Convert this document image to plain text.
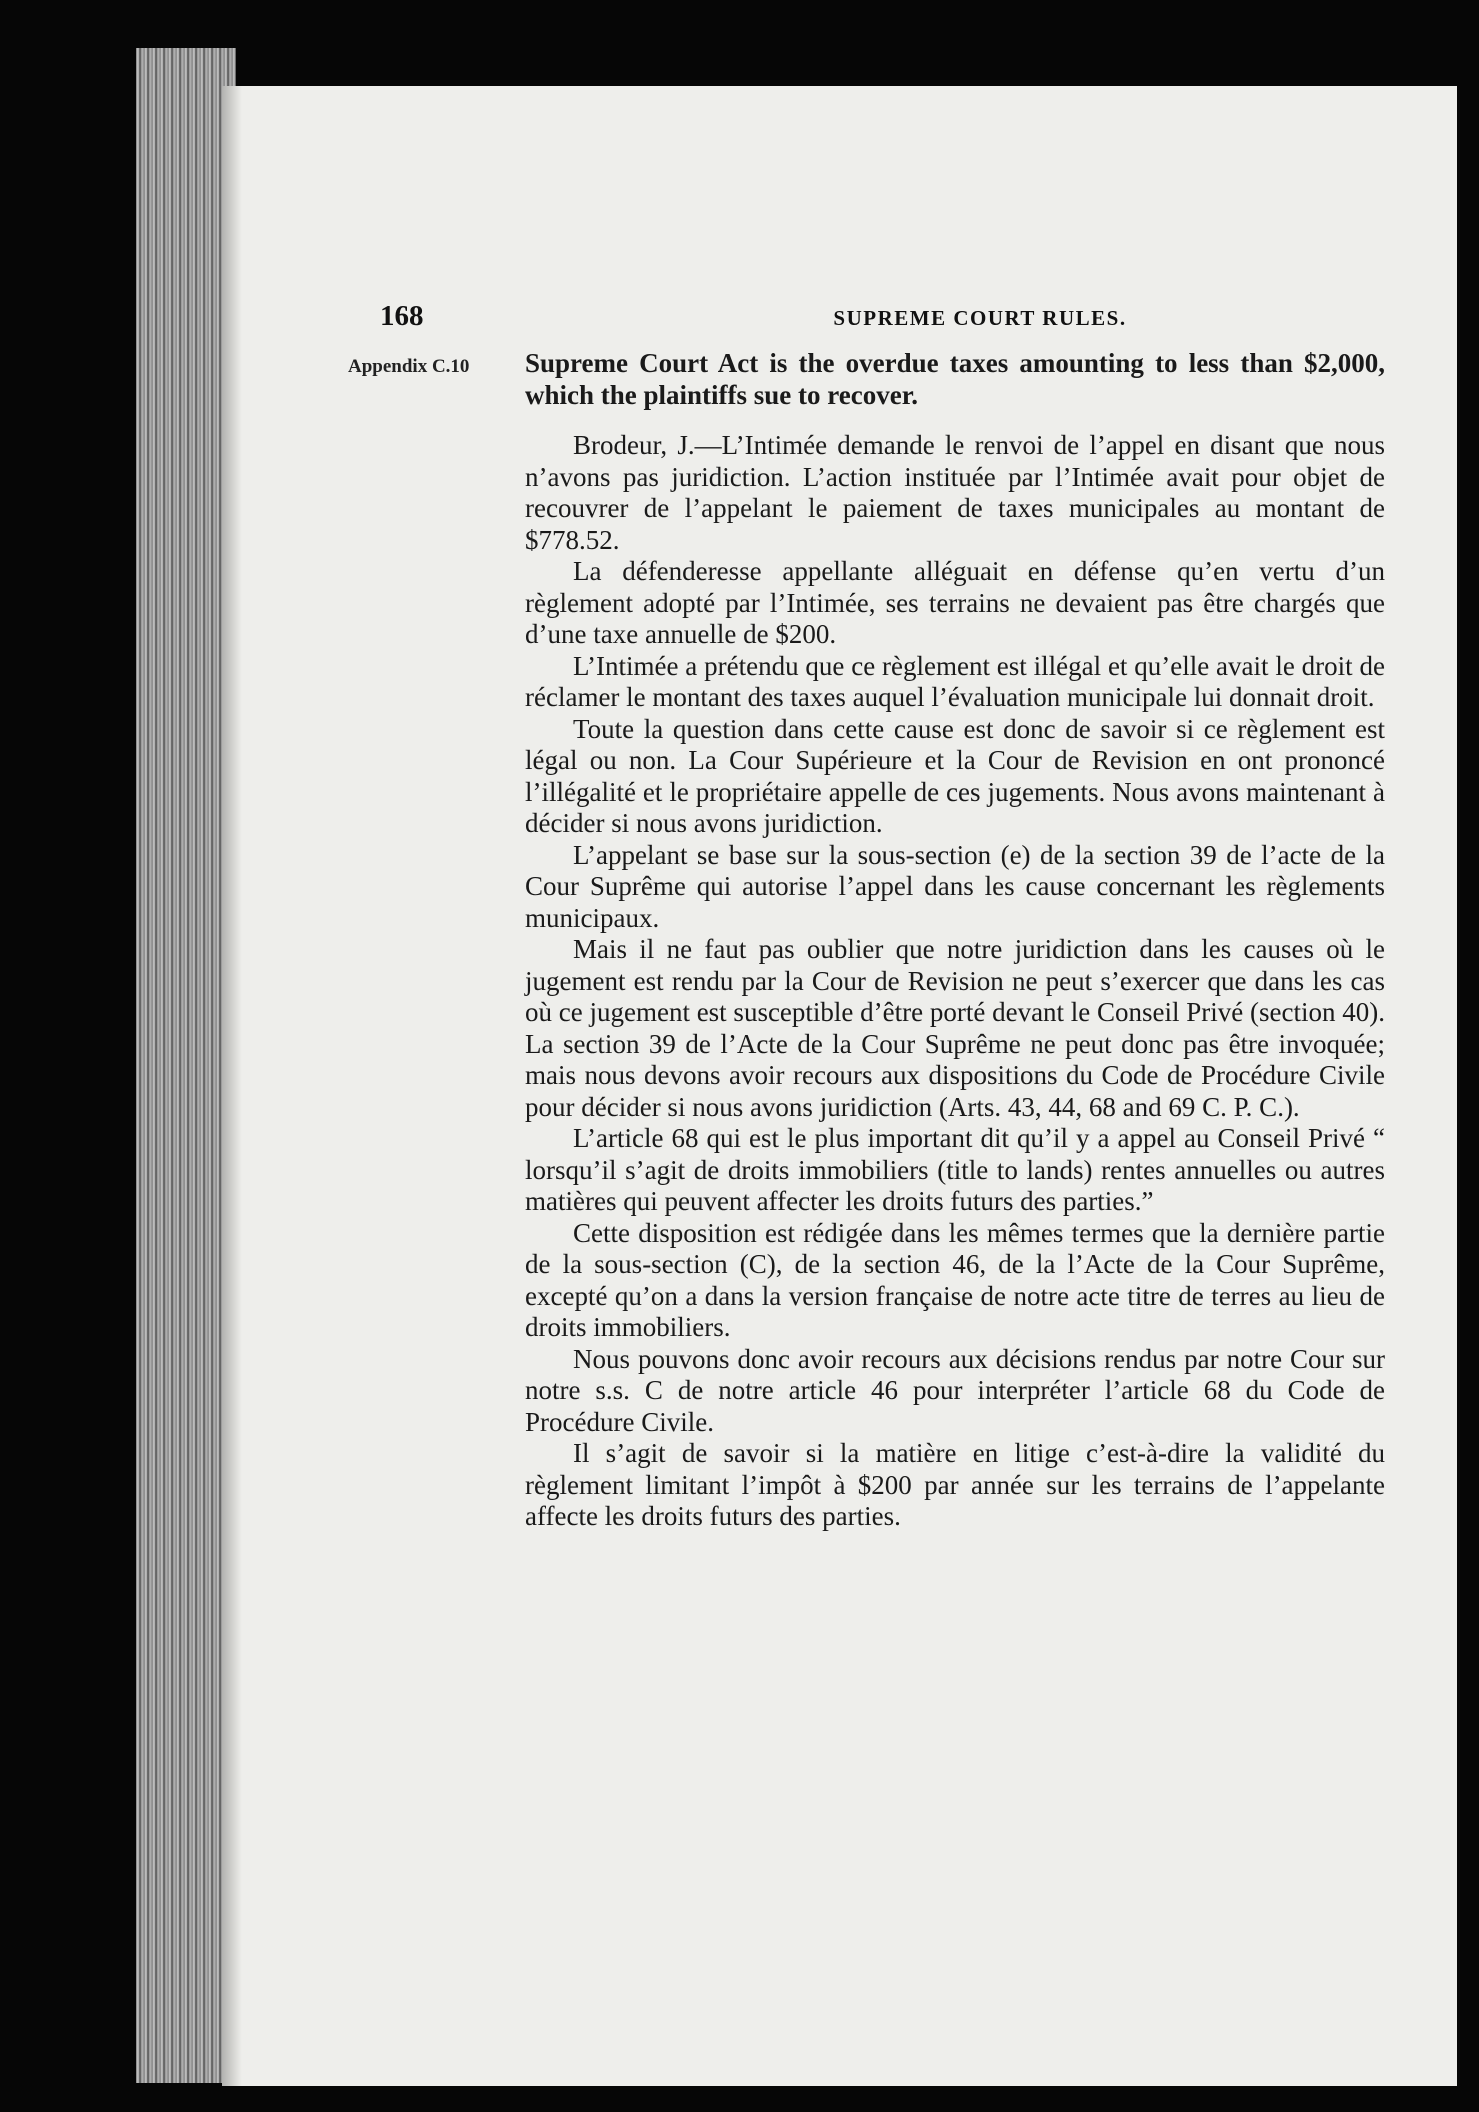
168	SUPREME COURT RULES.
Appendix C.10	Supreme Court Act is the overdue taxes amounting to less than $2,000, which the plaintiffs sue to recover.

Brodeur, J.—L’Intimée demande le renvoi de l’appel en disant que nous n’avons pas juridiction. L’action instituée par l’Intimée avait pour objet de recouvrer de l’appelant le paiement de taxes municipales au montant de $778.52.

La défenderesse appellante alléguait en défense qu’en vertu d’un règlement adopté par l’Intimée, ses terrains ne devaient pas être chargés que d’une taxe annuelle de $200.

L’Intimée a prétendu que ce règlement est illégal et qu’elle avait le droit de réclamer le montant des taxes auquel l’évaluation municipale lui donnait droit.

Toute la question dans cette cause est donc de savoir si ce règlement est légal ou non. La Cour Supérieure et la Cour de Revision en ont prononcé l’illégalité et le propriétaire appelle de ces jugements. Nous avons maintenant à décider si nous avons juridiction.

L’appelant se base sur la sous-section (e) de la section 39 de l’acte de la Cour Suprême qui autorise l’appel dans les cause concernant les règlements municipaux.

Mais il ne faut pas oublier que notre juridiction dans les causes où le jugement est rendu par la Cour de Revision ne peut s’exercer que dans les cas où ce jugement est susceptible d’être porté devant le Conseil Privé (section 40). La section 39 de l’Acte de la Cour Suprême ne peut donc pas être invoquée; mais nous devons avoir recours aux dispositions du Code de Procédure Civile pour décider si nous avons juridiction (Arts. 43, 44, 68 and 69 C. P. C.).

L’article 68 qui est le plus important dit qu’il y a appel au Conseil Privé “ lorsqu’il s’agit de droits immobiliers (title to lands) rentes annuelles ou autres matières qui peuvent affecter les droits futurs des parties.”

Cette disposition est rédigée dans les mêmes termes que la dernière partie de la sous-section (C), de la section 46, de la l’Acte de la Cour Suprême, excepté qu’on a dans la version française de notre acte titre de terres au lieu de droits immobiliers.

Nous pouvons donc avoir recours aux décisions rendus par notre Cour sur notre s.s. C de notre article 46 pour interpréter l’article 68 du Code de Procédure Civile.

Il s’agit de savoir si la matière en litige c’est-à-dire la validité du règlement limitant l’impôt à $200 par année sur les terrains de l’appelante affecte les droits futurs des parties.
